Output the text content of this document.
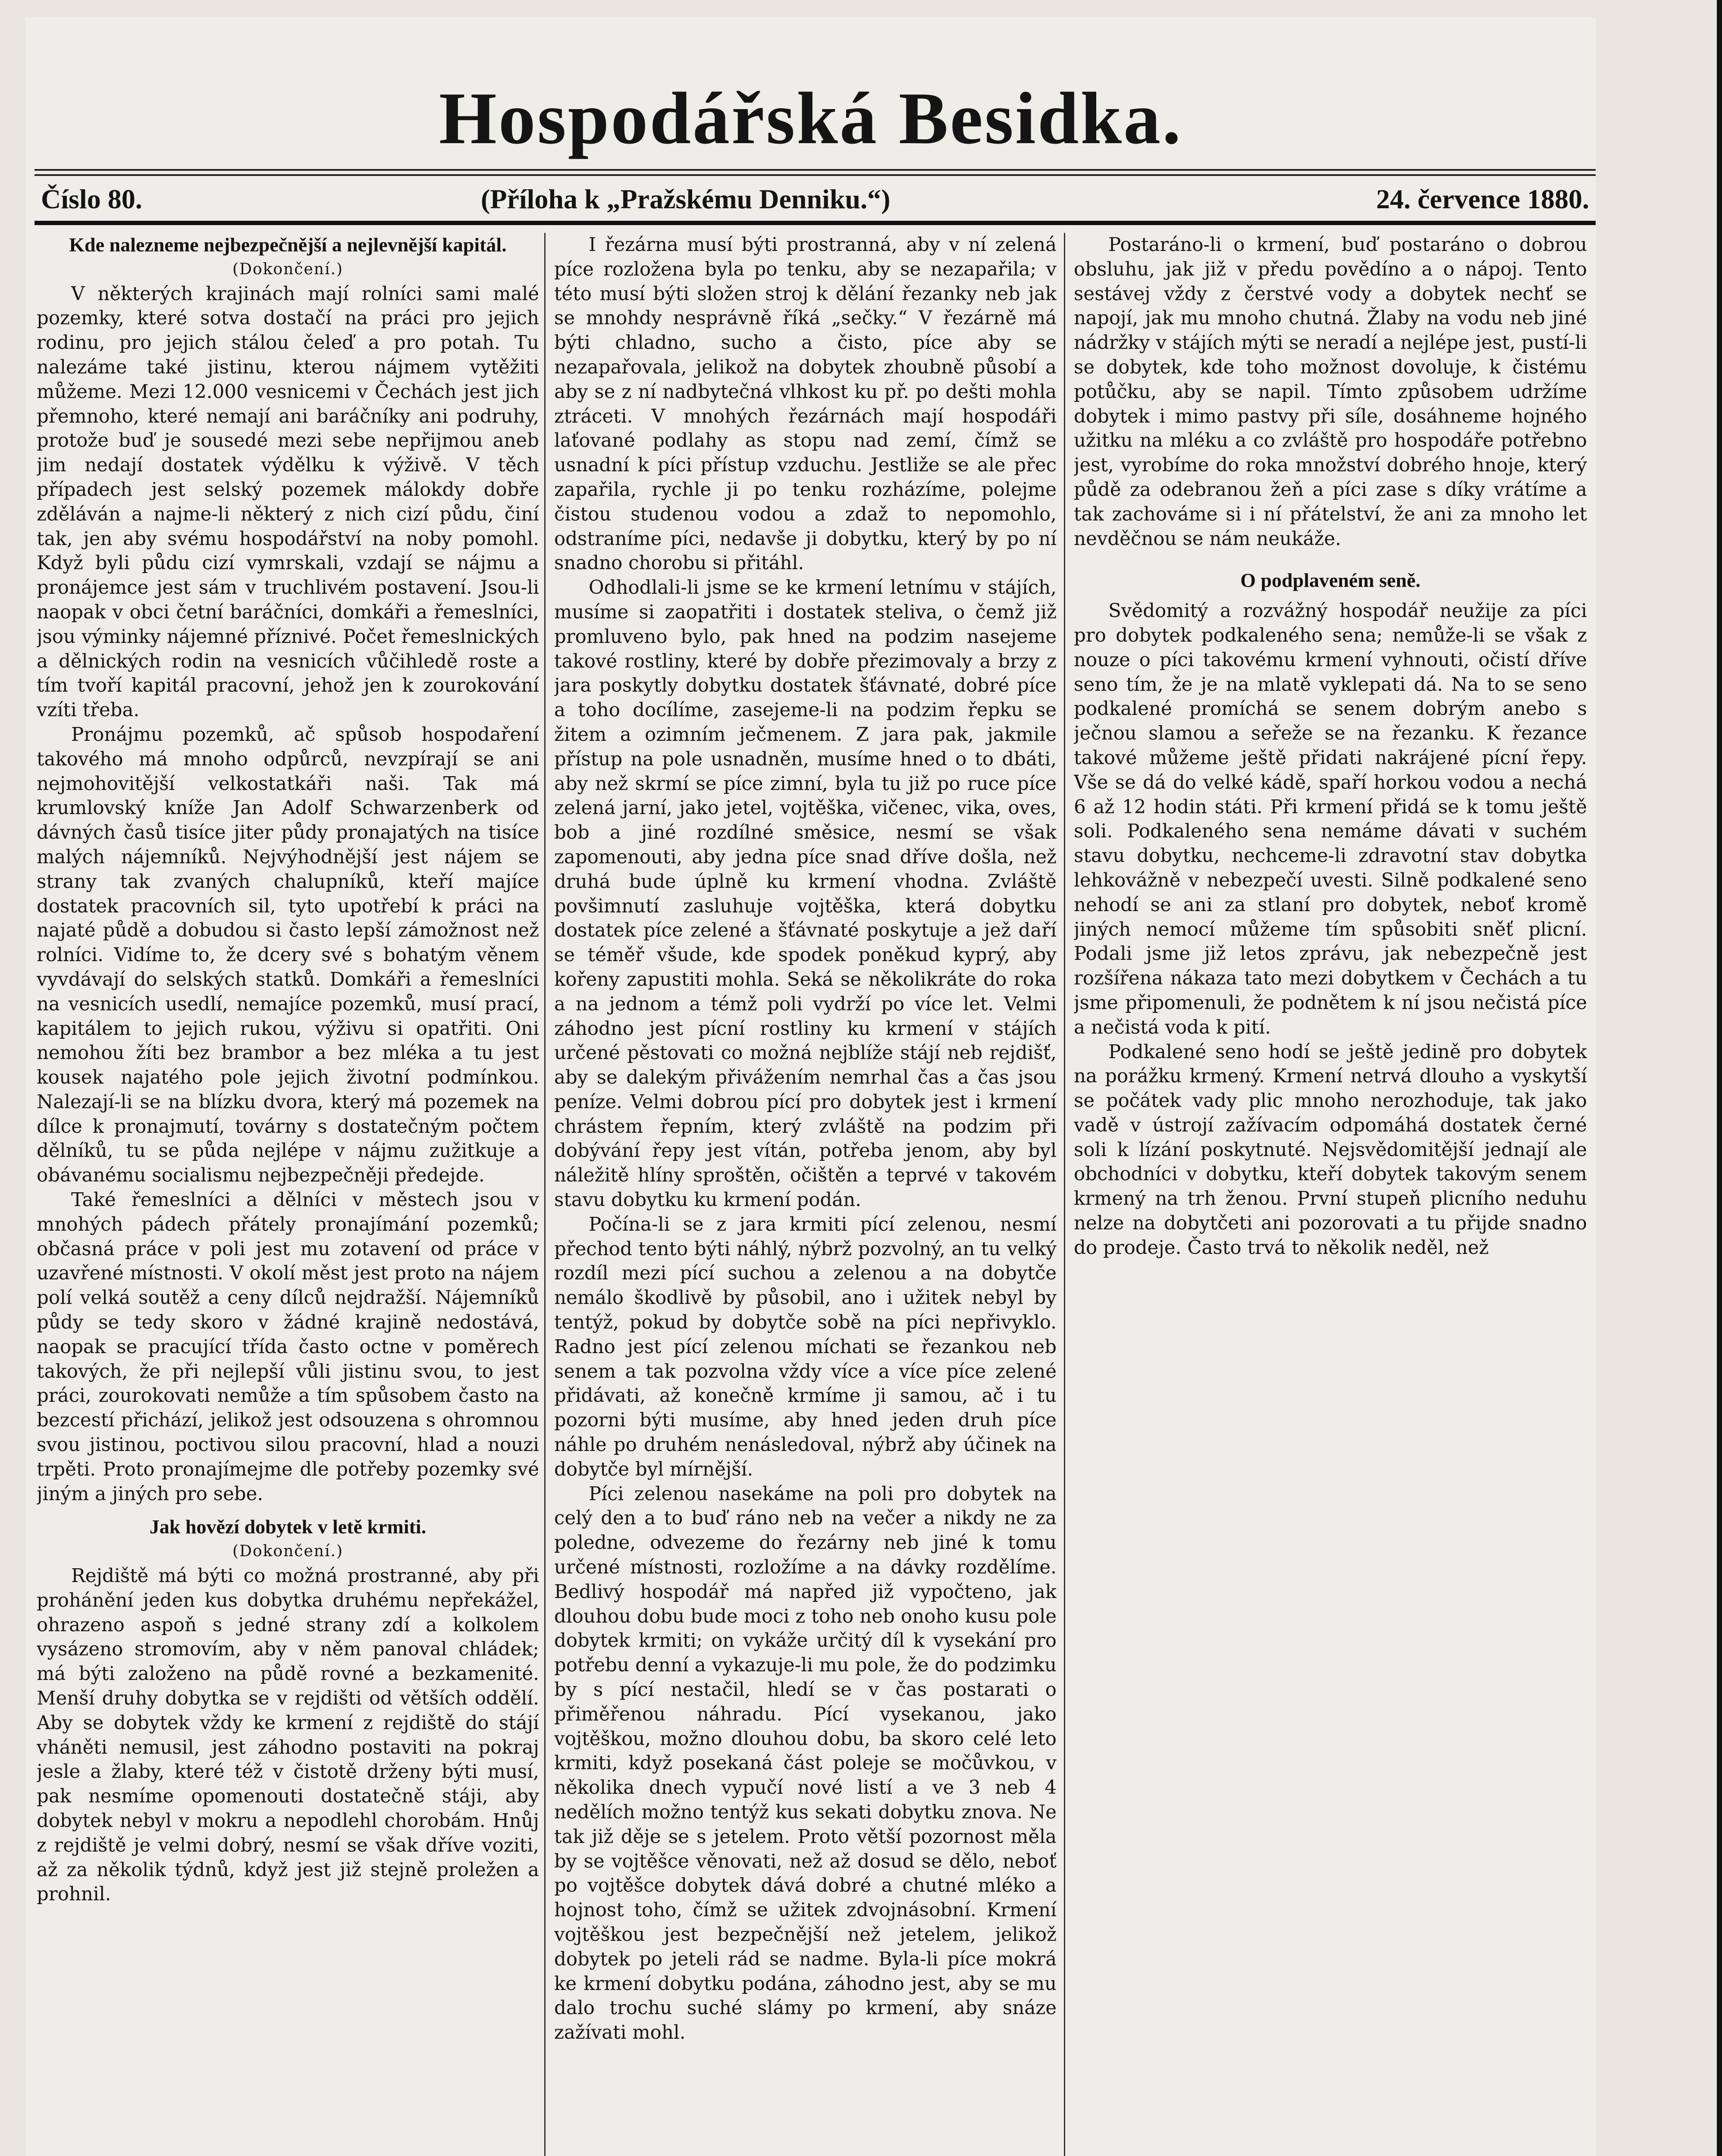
Hospodářská Besidka.
Číslo 80.	(Příloha k „Pražskému Denniku.“)	24. července 1880.
Kde nalezneme nejbezpečnější a nejlevnější kapitál.
(Dokončení.)

V některých krajinách mají rolníci sami malé pozemky, které sotva dostačí na práci pro jejich rodinu, pro jejich stálou čeleď a pro potah. Tu nalezáme také jistinu, kterou nájmem vytěžiti můžeme. Mezi 12.000 vesnicemi v Čechách jest jich přemnoho, které nemají ani baráčníky ani podruhy, protože buď je sousedé mezi sebe nepřijmou aneb jim nedají dostatek výdělku k výživě. V těch případech jest selský pozemek málokdy dobře zděláván a najme-li některý z nich cizí půdu, činí tak, jen aby svému hospodářství na noby pomohl. Když byli půdu cizí vymrskali, vzdají se nájmu a pronájemce jest sám v truchlivém postavení. Jsou-li naopak v obci četní baráčníci, domkáři a řemeslníci, jsou výminky nájemné příznivé. Počet řemeslnických a dělnických rodin na vesnicích vůčihledě roste a tím tvoří kapitál pracovní, jehož jen k zourokování vzíti třeba.

Pronájmu pozemků, ač spůsob hospodaření takového má mnoho odpůrců, nevzpírají se ani nejmohovitější velkostatkáři naši. Tak má krumlovský kníže Jan Adolf Schwarzenberk od dávných časů tisíce jiter půdy pronajatých na tisíce malých nájemníků. Nejvýhodnější jest nájem se strany tak zvaných chalupníků, kteří majíce dostatek pracovních sil, tyto upotřebí k práci na najaté půdě a dobudou si často lepší zámožnost než rolníci. Vidíme to, že dcery své s bohatým věnem vyvdávají do selských statků. Domkáři a řemeslníci na vesnicích usedlí, nemajíce pozemků, musí prací, kapitálem to jejich rukou, výživu si opatřiti. Oni nemohou žíti bez brambor a bez mléka a tu jest kousek najatého pole jejich životní podmínkou. Nalezají-li se na blízku dvora, který má pozemek na dílce k pronajmutí, továrny s dostatečným počtem dělníků, tu se půda nejlépe v nájmu zužitkuje a obávanému socialismu nejbezpečněji předejde.

Také řemeslníci a dělníci v městech jsou v mnohých pádech přátely pronajímání pozemků; občasná práce v poli jest mu zotavení od práce v uzavřené místnosti. V okolí měst jest proto na nájem polí velká soutěž a ceny dílců nejdražší. Nájemníků půdy se tedy skoro v žádné krajině nedostává, naopak se pracující třída často octne v poměrech takových, že při nejlepší vůli jistinu svou, to jest práci, zourokovati nemůže a tím spůsobem často na bezcestí přichází, jelikož jest odsouzena s ohromnou svou jistinou, poctivou silou pracovní, hlad a nouzi trpěti. Proto pronajímejme dle potřeby pozemky své jiným a jiných pro sebe.

Jak hovězí dobytek v letě krmiti.
(Dokončení.)

Rejdiště má býti co možná prostranné, aby při prohánění jeden kus dobytka druhému nepřekážel, ohrazeno aspoň s jedné strany zdí a kolkolem vysázeno stromovím, aby v něm panoval chládek; má býti založeno na půdě rovné a bezkamenité. Menší druhy dobytka se v rejdišti od větších oddělí. Aby se dobytek vždy ke krmení z rejdiště do stájí vháněti nemusil, jest záhodno postaviti na pokraj jesle a žlaby, které též v čistotě drženy býti musí, pak nesmíme opomenouti dostatečně stáji, aby dobytek nebyl v mokru a nepodlehl chorobám. Hnůj z rejdiště je velmi dobrý, nesmí se však dříve voziti, až za několik týdnů, když jest již stejně proležen a prohnil.

I řezárna musí býti prostranná, aby v ní zelená píce rozložena byla po tenku, aby se nezapařila; v této musí býti složen stroj k dělání řezanky neb jak se mnohdy nesprávně říká „sečky.“ V řezárně má býti chladno, sucho a čisto, píce aby se nezapařovala, jelikož na dobytek zhoubně působí a aby se z ní nadbytečná vlhkost ku př. po dešti mohla ztráceti. V mnohých řezárnách mají hospodáři laťované podlahy as stopu nad zemí, čímž se usnadní k píci přístup vzduchu. Jestliže se ale přec zapařila, rychle ji po tenku rozházíme, polejme čistou studenou vodou a zdaž to nepomohlo, odstraníme píci, nedavše ji dobytku, který by po ní snadno chorobu si přitáhl.

Odhodlali-li jsme se ke krmení letnímu v stájích, musíme si zaopatřiti i dostatek steliva, o čemž již promluveno bylo, pak hned na podzim nasejeme takové rostliny, které by dobře přezimovaly a brzy z jara poskytly dobytku dostatek šťávnaté, dobré píce a toho docílíme, zasejeme-li na podzim řepku se žitem a ozimním ječmenem. Z jara pak, jakmile přístup na pole usnadněn, musíme hned o to dbáti, aby než skrmí se píce zimní, byla tu již po ruce píce zelená jarní, jako jetel, vojtěška, vičenec, vika, oves, bob a jiné rozdílné směsice, nesmí se však zapomenouti, aby jedna píce snad dříve došla, než druhá bude úplně ku krmení vhodna. Zvláště povšimnutí zasluhuje vojtěška, která dobytku dostatek píce zelené a šťávnaté poskytuje a jež daří se téměř všude, kde spodek poněkud kyprý, aby kořeny zapustiti mohla. Seká se několikráte do roka a na jednom a témž poli vydrží po více let. Velmi záhodno jest pícní rostliny ku krmení v stájích určené pěstovati co možná nejblíže stájí neb rejdišť, aby se dalekým přivážením nemrhal čas a čas jsou peníze. Velmi dobrou pící pro dobytek jest i krmení chrástem řepním, který zvláště na podzim při dobývání řepy jest vítán, potřeba jenom, aby byl náležitě hlíny sproštěn, očištěn a teprvé v takovém stavu dobytku ku krmení podán.

Počína-li se z jara krmiti pící zelenou, nesmí přechod tento býti náhlý, nýbrž pozvolný, an tu velký rozdíl mezi pící suchou a zelenou a na dobytče nemálo škodlivě by působil, ano i užitek nebyl by tentýž, pokud by dobytče sobě na píci nepřivyklo. Radno jest pící zelenou míchati se řezankou neb senem a tak pozvolna vždy více a více píce zelené přidávati, až konečně krmíme ji samou, ač i tu pozorni býti musíme, aby hned jeden druh píce náhle po druhém nenásledoval, nýbrž aby účinek na dobytče byl mírnější.

Píci zelenou nasekáme na poli pro dobytek na celý den a to buď ráno neb na večer a nikdy ne za poledne, odvezeme do řezárny neb jiné k tomu určené místnosti, rozložíme a na dávky rozdělíme. Bedlivý hospodář má napřed již vypočteno, jak dlouhou dobu bude moci z toho neb onoho kusu pole dobytek krmiti; on vykáže určitý díl k vysekání pro potřebu denní a vykazuje-li mu pole, že do podzimku by s pící nestačil, hledí se v čas postarati o přiměřenou náhradu. Pící vysekanou, jako vojtěškou, možno dlouhou dobu, ba skoro celé leto krmiti, když posekaná část poleje se močůvkou, v několika dnech vypučí nové listí a ve 3 neb 4 nedělích možno tentýž kus sekati dobytku znova. Ne tak již děje se s jetelem. Proto větší pozornost měla by se vojtěšce věnovati, než až dosud se dělo, neboť po vojtěšce dobytek dává dobré a chutné mléko a hojnost toho, čímž se užitek zdvojnásobní. Krmení vojtěškou jest bezpečnější než jetelem, jelikož dobytek po jeteli rád se nadme. Byla-li píce mokrá ke krmení dobytku podána, záhodno jest, aby se mu dalo trochu suché slámy po krmení, aby snáze zažívati mohl.

Postaráno-li o krmení, buď postaráno o dobrou obsluhu, jak již v předu povědíno a o nápoj. Tento sestávej vždy z čerstvé vody a dobytek nechť se napojí, jak mu mnoho chutná. Žlaby na vodu neb jiné nádržky v stájích mýti se neradí a nejlépe jest, pustí-li se dobytek, kde toho možnost dovoluje, k čistému potůčku, aby se napil. Tímto způsobem udržíme dobytek i mimo pastvy při síle, dosáhneme hojného užitku na mléku a co zvláště pro hospodáře potřebno jest, vyrobíme do roka množství dobrého hnoje, který půdě za odebranou žeň a píci zase s díky vrátíme a tak zachováme si i ní přátelství, že ani za mnoho let nevděčnou se nám neukáže.

O podplaveném seně.

Svědomitý a rozvážný hospodář neužije za píci pro dobytek podkaleného sena; nemůže-li se však z nouze o píci takovému krmení vyhnouti, očistí dříve seno tím, že je na mlatě vyklepati dá. Na to se seno podkalené promíchá se senem dobrým anebo s ječnou slamou a seřeže se na řezanku. K řezance takové můžeme ještě přidati nakrájené pícní řepy. Vše se dá do velké kádě, spaří horkou vodou a nechá 6 až 12 hodin státi. Při krmení přidá se k tomu ještě soli. Podkaleného sena nemáme dávati v suchém stavu dobytku, nechceme-li zdravotní stav dobytka lehkovážně v nebezpečí uvesti. Silně podkalené seno nehodí se ani za stlaní pro dobytek, neboť kromě jiných nemocí můžeme tím spůsobiti sněť plicní. Podali jsme již letos zprávu, jak nebezpečně jest rozšířena nákaza tato mezi dobytkem v Čechách a tu jsme připomenuli, že podnětem k ní jsou nečistá píce a nečistá voda k pití.

Podkalené seno hodí se ještě jedině pro dobytek na porážku krmený. Krmení netrvá dlouho a vyskytší se počátek vady plic mnoho nerozhoduje, tak jako vadě v ústrojí zažívacím odpomáhá dostatek černé soli k lízání poskytnuté. Nejsvědomitější jednají ale obchodníci v dobytku, kteří dobytek takovým senem krmený na trh ženou. První stupeň plicního neduhu nelze na dobytčeti ani pozorovati a tu přijde snadno do prodeje. Často trvá to několik neděl, než
